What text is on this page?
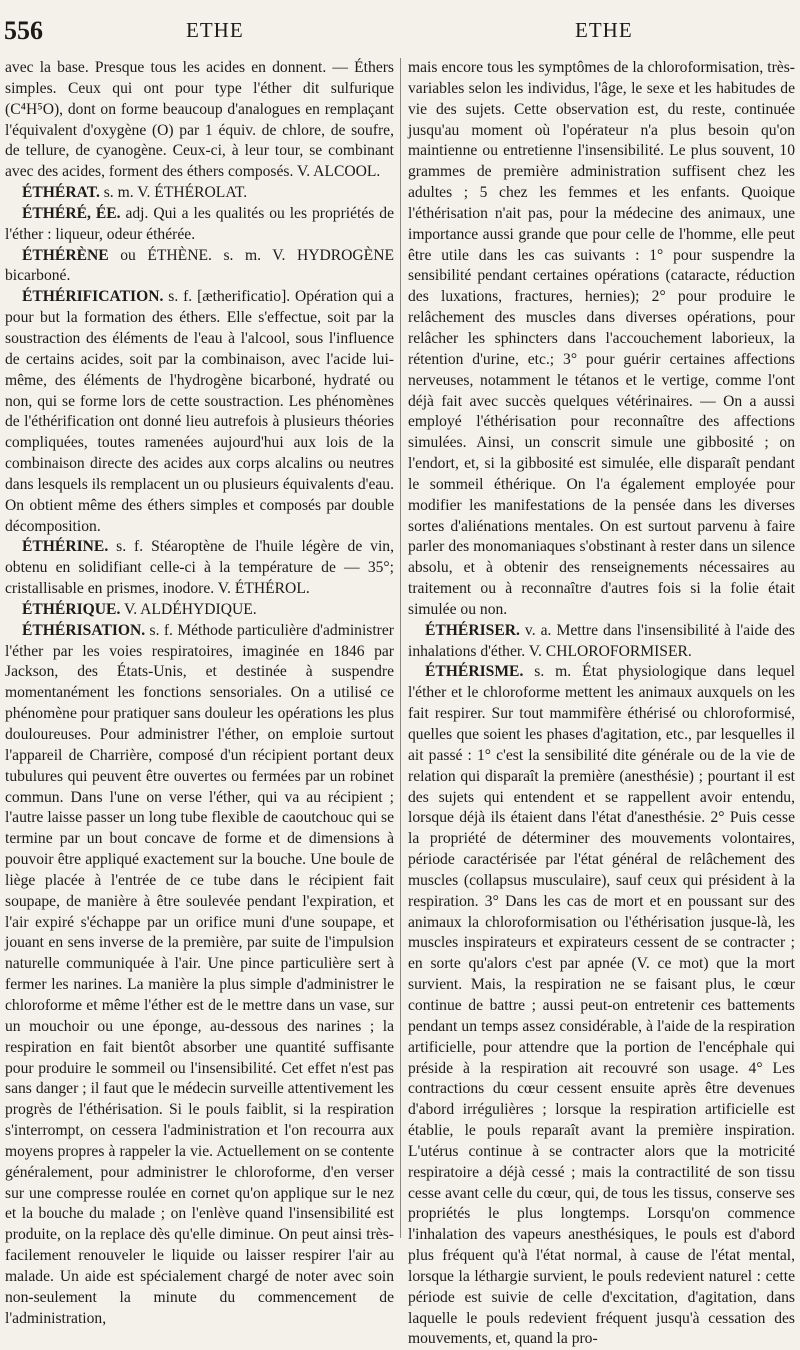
556	ETHE	ETHE

avec la base. Presque tous les acides en donnent. — Éthers simples. Ceux qui ont pour type l'éther dit sulfurique (C⁴H⁵O), dont on forme beaucoup d'analogues en remplaçant l'équivalent d'oxygène (O) par 1 équiv. de chlore, de soufre, de tellure, de cyanogène. Ceux-ci, à leur tour, se combinant avec des acides, forment des éthers composés. V. ALCOOL.

ÉTHÉRAT. s. m. V. ÉTHÉROLAT.

ÉTHÉRÉ, ÉE. adj. Qui a les qualités ou les propriétés de l'éther : liqueur, odeur éthérée.

ÉTHÉRÈNE ou ÉTHÈNE. s. m. V. HYDROGÈNE bicarboné.

ÉTHÉRIFICATION. s. f. [ætherificatio]. Opération qui a pour but la formation des éthers. Elle s'effectue, soit par la soustraction des éléments de l'eau à l'alcool, sous l'influence de certains acides, soit par la combinaison, avec l'acide lui-même, des éléments de l'hydrogène bicarboné, hydraté ou non, qui se forme lors de cette soustraction. Les phénomènes de l'éthérification ont donné lieu autrefois à plusieurs théories compliquées, toutes ramenées aujourd'hui aux lois de la combinaison directe des acides aux corps alcalins ou neutres dans lesquels ils remplacent un ou plusieurs équivalents d'eau. On obtient même des éthers simples et composés par double décomposition.

ÉTHÉRINE. s. f. Stéaroptène de l'huile légère de vin, obtenu en solidifiant celle-ci à la température de — 35°; cristallisable en prismes, inodore. V. ÉTHÉROL.

ÉTHÉRIQUE. V. ALDÉHYDIQUE.

ÉTHÉRISATION. s. f. Méthode particulière d'administrer l'éther par les voies respiratoires, imaginée en 1846 par Jackson, des États-Unis, et destinée à suspendre momentanément les fonctions sensoriales. On a utilisé ce phénomène pour pratiquer sans douleur les opérations les plus douloureuses. Pour administrer l'éther, on emploie surtout l'appareil de Charrière, composé d'un récipient portant deux tubulures qui peuvent être ouvertes ou fermées par un robinet commun. Dans l'une on verse l'éther, qui va au récipient ; l'autre laisse passer un long tube flexible de caoutchouc qui se termine par un bout concave de forme et de dimensions à pouvoir être appliqué exactement sur la bouche. Une boule de liège placée à l'entrée de ce tube dans le récipient fait soupape, de manière à être soulevée pendant l'expiration, et l'air expiré s'échappe par un orifice muni d'une soupape, et jouant en sens inverse de la première, par suite de l'impulsion naturelle communiquée à l'air. Une pince particulière sert à fermer les narines. La manière la plus simple d'administrer le chloroforme et même l'éther est de le mettre dans un vase, sur un mouchoir ou une éponge, au-dessous des narines ; la respiration en fait bientôt absorber une quantité suffisante pour produire le sommeil ou l'insensibilité. Cet effet n'est pas sans danger ; il faut que le médecin surveille attentivement les progrès de l'éthérisation. Si le pouls faiblit, si la respiration s'interrompt, on cessera l'administration et l'on recourra aux moyens propres à rappeler la vie. Actuellement on se contente généralement, pour administrer le chloroforme, d'en verser sur une compresse roulée en cornet qu'on applique sur le nez et la bouche du malade ; on l'enlève quand l'insensibilité est produite, on la replace dès qu'elle diminue. On peut ainsi très-facilement renouveler le liquide ou laisser respirer l'air au malade. Un aide est spécialement chargé de noter avec soin non-seulement la minute du commencement de l'administration,

mais encore tous les symptômes de la chloroformisation, très-variables selon les individus, l'âge, le sexe et les habitudes de vie des sujets. Cette observation est, du reste, continuée jusqu'au moment où l'opérateur n'a plus besoin qu'on maintienne ou entretienne l'insensibilité. Le plus souvent, 10 grammes de première administration suffisent chez les adultes ; 5 chez les femmes et les enfants. Quoique l'éthérisation n'ait pas, pour la médecine des animaux, une importance aussi grande que pour celle de l'homme, elle peut être utile dans les cas suivants : 1° pour suspendre la sensibilité pendant certaines opérations (cataracte, réduction des luxations, fractures, hernies); 2° pour produire le relâchement des muscles dans diverses opérations, pour relâcher les sphincters dans l'accouchement laborieux, la rétention d'urine, etc.; 3° pour guérir certaines affections nerveuses, notamment le tétanos et le vertige, comme l'ont déjà fait avec succès quelques vétérinaires. — On a aussi employé l'éthérisation pour reconnaître des affections simulées. Ainsi, un conscrit simule une gibbosité ; on l'endort, et, si la gibbosité est simulée, elle disparaît pendant le sommeil éthérique. On l'a également employée pour modifier les manifestations de la pensée dans les diverses sortes d'aliénations mentales. On est surtout parvenu à faire parler des monomaniaques s'obstinant à rester dans un silence absolu, et à obtenir des renseignements nécessaires au traitement ou à reconnaître d'autres fois si la folie était simulée ou non.

ÉTHÉRISER. v. a. Mettre dans l'insensibilité à l'aide des inhalations d'éther. V. CHLOROFORMISER.

ÉTHÉRISME. s. m. État physiologique dans lequel l'éther et le chloroforme mettent les animaux auxquels on les fait respirer. Sur tout mammifère éthérisé ou chloroformisé, quelles que soient les phases d'agitation, etc., par lesquelles il ait passé : 1° c'est la sensibilité dite générale ou de la vie de relation qui disparaît la première (anesthésie) ; pourtant il est des sujets qui entendent et se rappellent avoir entendu, lorsque déjà ils étaient dans l'état d'anesthésie. 2° Puis cesse la propriété de déterminer des mouvements volontaires, période caractérisée par l'état général de relâchement des muscles (collapsus musculaire), sauf ceux qui président à la respiration. 3° Dans les cas de mort et en poussant sur des animaux la chloroformisation ou l'éthérisation jusque-là, les muscles inspirateurs et expirateurs cessent de se contracter ; en sorte qu'alors c'est par apnée (V. ce mot) que la mort survient. Mais, la respiration ne se faisant plus, le cœur continue de battre ; aussi peut-on entretenir ces battements pendant un temps assez considérable, à l'aide de la respiration artificielle, pour attendre que la portion de l'encéphale qui préside à la respiration ait recouvré son usage. 4° Les contractions du cœur cessent ensuite après être devenues d'abord irrégulières ; lorsque la respiration artificielle est établie, le pouls reparaît avant la première inspiration. L'utérus continue à se contracter alors que la motricité respiratoire a déjà cessé ; mais la contractilité de son tissu cesse avant celle du cœur, qui, de tous les tissus, conserve ses propriétés le plus longtemps. Lorsqu'on commence l'inhalation des vapeurs anesthésiques, le pouls est d'abord plus fréquent qu'à l'état normal, à cause de l'état mental, lorsque la léthargie survient, le pouls redevient naturel : cette période est suivie de celle d'excitation, d'agitation, dans laquelle le pouls redevient fréquent jusqu'à cessation des mouvements, et, quand la pro-
